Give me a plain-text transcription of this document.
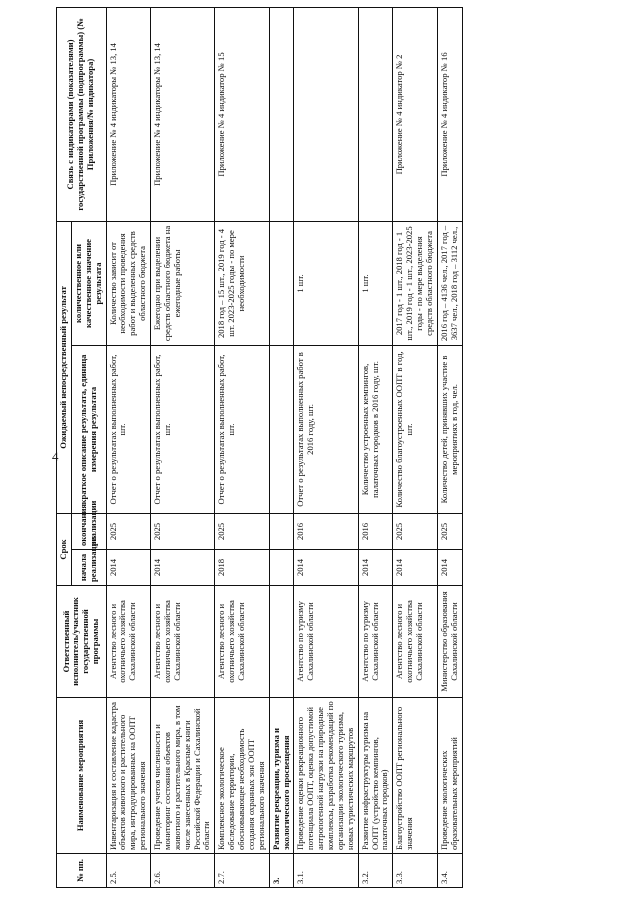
4
№ пп.	Наименование мероприятия	Ответственный исполнитель/участник государственной программы	Срок		Ожидаемый непосредственный результат		Связь с индикаторами (показателями) государственной программы (подпрограммы) (№ Приложения/№ индикатора)
			начала реализации	окончания реализации	краткое описание результата, единица измерения результата	количественное или качественное значение результата	
2.5.	Инвентаризация и составление кадастра объектов животного и растительного мира, интродуцированных на ООПТ регионального значения	Агентство лесного и охотничьего хозяйства Сахалинской области	2014	2025	Отчет о результатах выполненных работ, шт.	Количество зависит от необходимости проведения работ и выделенных средств областного бюджета	Приложение № 4 индикаторы № 13, 14
2.6.	Проведение учетов численности и мониторинг состояния объектов животного и растительного мира, в том числе занесенных в Красные книги Российской Федерации и Сахалинской области	Агентство лесного и охотничьего хозяйства Сахалинской области	2014	2025	Отчет о результатах выполненных работ, шт.	Ежегодно при выделении средств областного бюджета на ежегодные работы	Приложение № 4 индикаторы № 13, 14
2.7.	Комплексное экологическое обследование территории, обосновывающее необходимость создания охранных зон ООПТ регионального значения	Агентство лесного и охотничьего хозяйства Сахалинской области	2018	2025	Отчет о результатах выполненных работ, шт.	2018 год – 15 шт., 2019 год - 4 шт. 2023-2025 годы - по мере необходимости	Приложение № 4 индикатор № 15
3.	Развитие рекреации, туризма и экологического просвещения						
3.1.	Проведение оценки рекреационного потенциала ООПТ, оценка допустимой антропогенной нагрузки на природные комплексы, разработка рекомендаций по организации экологического туризма, новых туристических маршрутов	Агентство по туризму Сахалинской области	2014	2016	Отчет о результатах выполненных работ в 2016 году, шт.	1 шт.	
3.2.	Развитие инфраструктуры туризма на ООПТ (устройство кемпингов, палаточных городков)	Агентство по туризму Сахалинской области	2014	2016	Количество устроенных кемпингов, палаточных городков в 2016 году, шт.	1 шт.	
3.3.	Благоустройство ООПТ регионального значения	Агентство лесного и охотничьего хозяйства Сахалинской области	2014	2025	Количество благоустроенных ООПТ в год, шт.	2017 год - 1 шт., 2018 год - 1 шт., 2019 год - 1 шт., 2023-2025 годы - по мере выделения средств областного бюджета	Приложение № 4 индикатор № 2
3.4.	Проведение экологических образовательных мероприятий	Министерство образования Сахалинской области	2014	2025	Количество детей, принявших участие в мероприятиях в год, чел.	2016 год – 4136 чел., 2017 год – 3637 чел., 2018 год – 3112 чел.,	Приложение № 4 индикатор № 16
